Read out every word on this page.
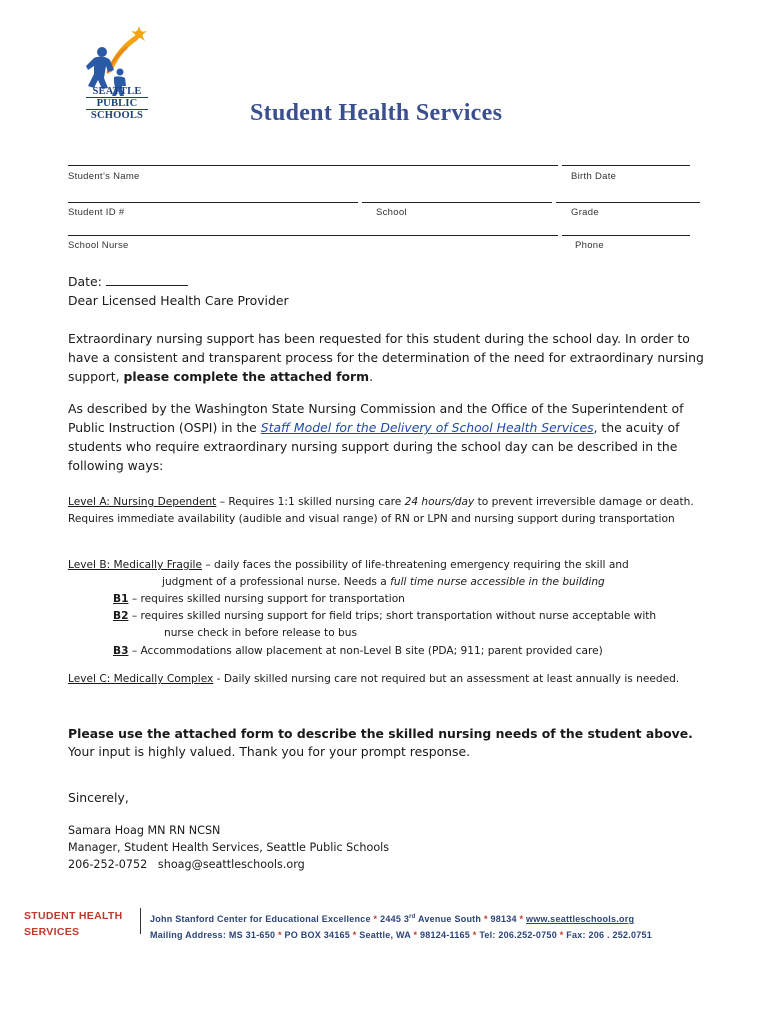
SEATTLE
PUBLIC
SCHOOLS	Student Health Services
Student’s Name	Birth Date
Student ID #	School	Grade
School Nurse	Phone
Date:
Dear Licensed Health Care Provider
Extraordinary nursing support has been requested for this student during the school day. In order to have a consistent and transparent process for the determination of the need for extraordinary nursing support, please complete the attached form.
As described by the Washington State Nursing Commission and the Office of the Superintendent of Public Instruction (OSPI) in the Staff Model for the Delivery of School Health Services, the acuity of students who require extraordinary nursing support during the school day can be described in the following ways:
Level A: Nursing Dependent – Requires 1:1 skilled nursing care 24 hours/day to prevent irreversible damage or death. Requires immediate availability (audible and visual range) of RN or LPN and nursing support during transportation
Level B: Medically Fragile – daily faces the possibility of life-threatening emergency requiring the skill and
judgment of a professional nurse. Needs a full time nurse accessible in the building
B1 – requires skilled nursing support for transportation
B2 – requires skilled nursing support for field trips; short transportation without nurse acceptable with
nurse check in before release to bus
B3 – Accommodations allow placement at non-Level B site (PDA; 911; parent provided care)
Level C: Medically Complex - Daily skilled nursing care not required but an assessment at least annually is needed.
Please use the attached form to describe the skilled nursing needs of the student above.
Your input is highly valued. Thank you for your prompt response.
Sincerely,
Samara Hoag MN RN NCSN
Manager, Student Health Services, Seattle Public Schools
206-252-0752   shoag@seattleschools.org
STUDENT HEALTH
SERVICES
John Stanford Center for Educational Excellence * 2445 3rd Avenue South * 98134 * www.seattleschools.org
Mailing Address: MS 31-650 * PO BOX 34165 * Seattle, WA * 98124-1165 * Tel: 206.252-0750 * Fax: 206 . 252.0751
